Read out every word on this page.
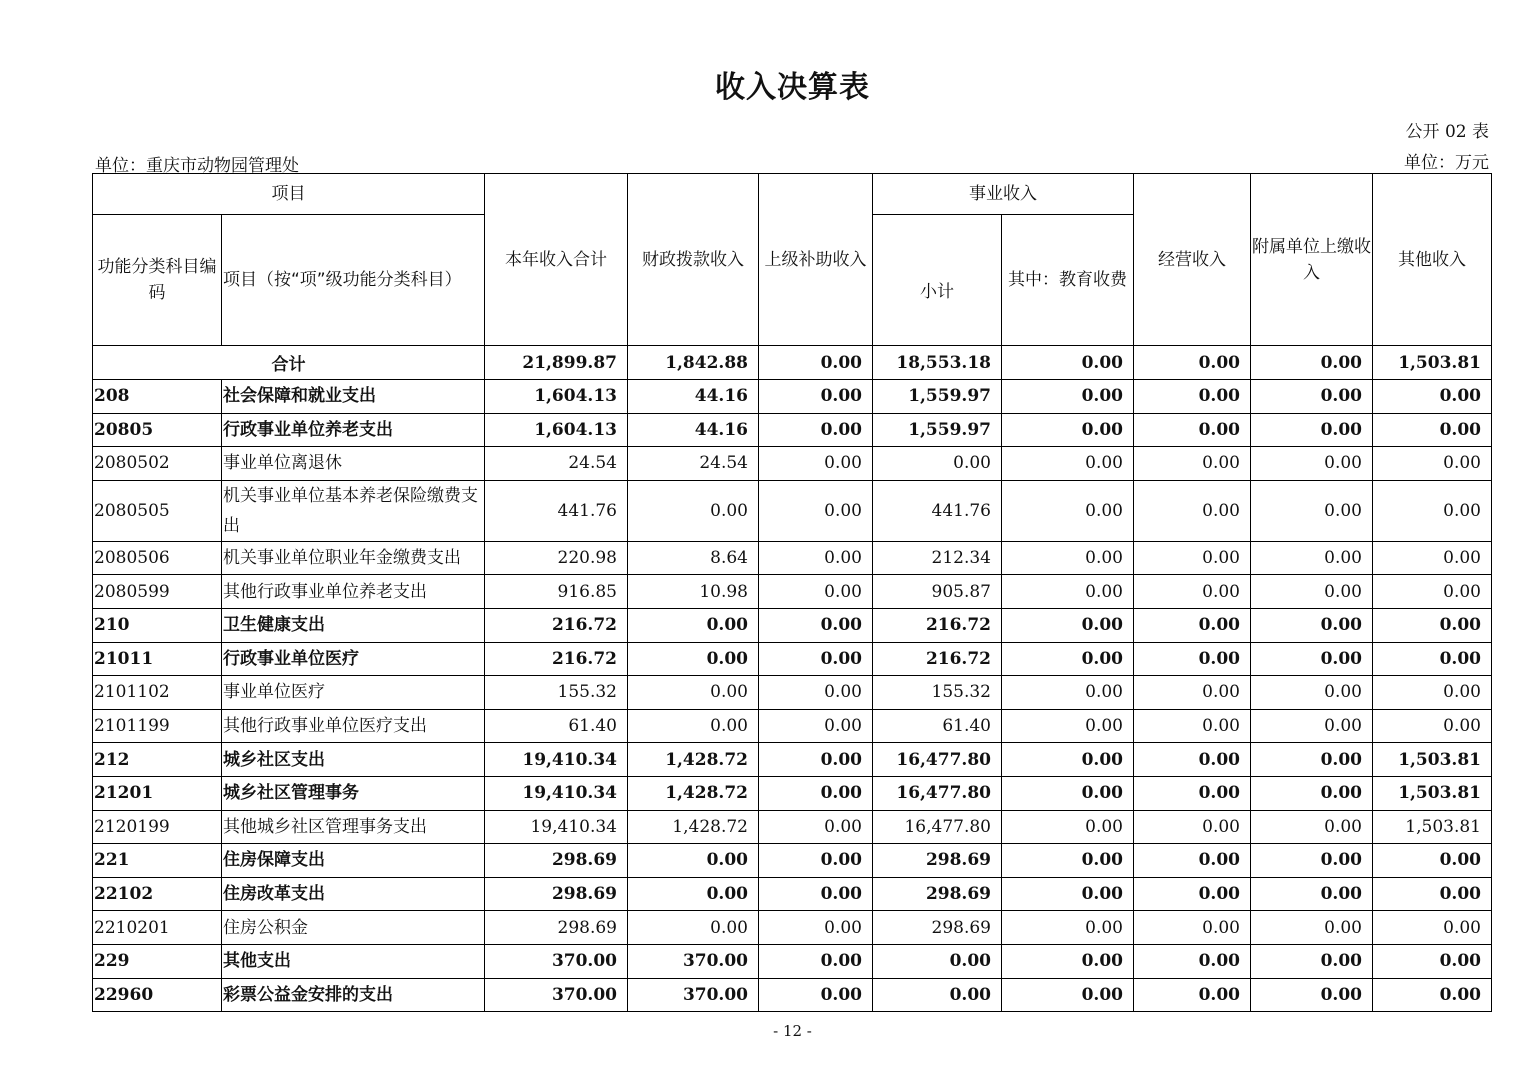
收入决算表
公开 02 表
单位：重庆市动物园管理处	单位：万元
项目		本年收入合计	财政拨款收入	上级补助收入	事业收入		经营收入	附属单位上缴收入	其他收入
功能分类科目编码	项目（按“项”级功能分类科目）				小计	其中：教育收费			
合计		21,899.87	1,842.88	0.00	18,553.18	0.00	0.00	0.00	1,503.81
208	社会保障和就业支出	1,604.13	44.16	0.00	1,559.97	0.00	0.00	0.00	0.00
20805	行政事业单位养老支出	1,604.13	44.16	0.00	1,559.97	0.00	0.00	0.00	0.00
2080502	事业单位离退休	24.54	24.54	0.00	0.00	0.00	0.00	0.00	0.00
2080505	机关事业单位基本养老保险缴费支出	441.76	0.00	0.00	441.76	0.00	0.00	0.00	0.00
2080506	机关事业单位职业年金缴费支出	220.98	8.64	0.00	212.34	0.00	0.00	0.00	0.00
2080599	其他行政事业单位养老支出	916.85	10.98	0.00	905.87	0.00	0.00	0.00	0.00
210	卫生健康支出	216.72	0.00	0.00	216.72	0.00	0.00	0.00	0.00
21011	行政事业单位医疗	216.72	0.00	0.00	216.72	0.00	0.00	0.00	0.00
2101102	事业单位医疗	155.32	0.00	0.00	155.32	0.00	0.00	0.00	0.00
2101199	其他行政事业单位医疗支出	61.40	0.00	0.00	61.40	0.00	0.00	0.00	0.00
212	城乡社区支出	19,410.34	1,428.72	0.00	16,477.80	0.00	0.00	0.00	1,503.81
21201	城乡社区管理事务	19,410.34	1,428.72	0.00	16,477.80	0.00	0.00	0.00	1,503.81
2120199	其他城乡社区管理事务支出	19,410.34	1,428.72	0.00	16,477.80	0.00	0.00	0.00	1,503.81
221	住房保障支出	298.69	0.00	0.00	298.69	0.00	0.00	0.00	0.00
22102	住房改革支出	298.69	0.00	0.00	298.69	0.00	0.00	0.00	0.00
2210201	住房公积金	298.69	0.00	0.00	298.69	0.00	0.00	0.00	0.00
229	其他支出	370.00	370.00	0.00	0.00	0.00	0.00	0.00	0.00
22960	彩票公益金安排的支出	370.00	370.00	0.00	0.00	0.00	0.00	0.00	0.00
- 12 -
